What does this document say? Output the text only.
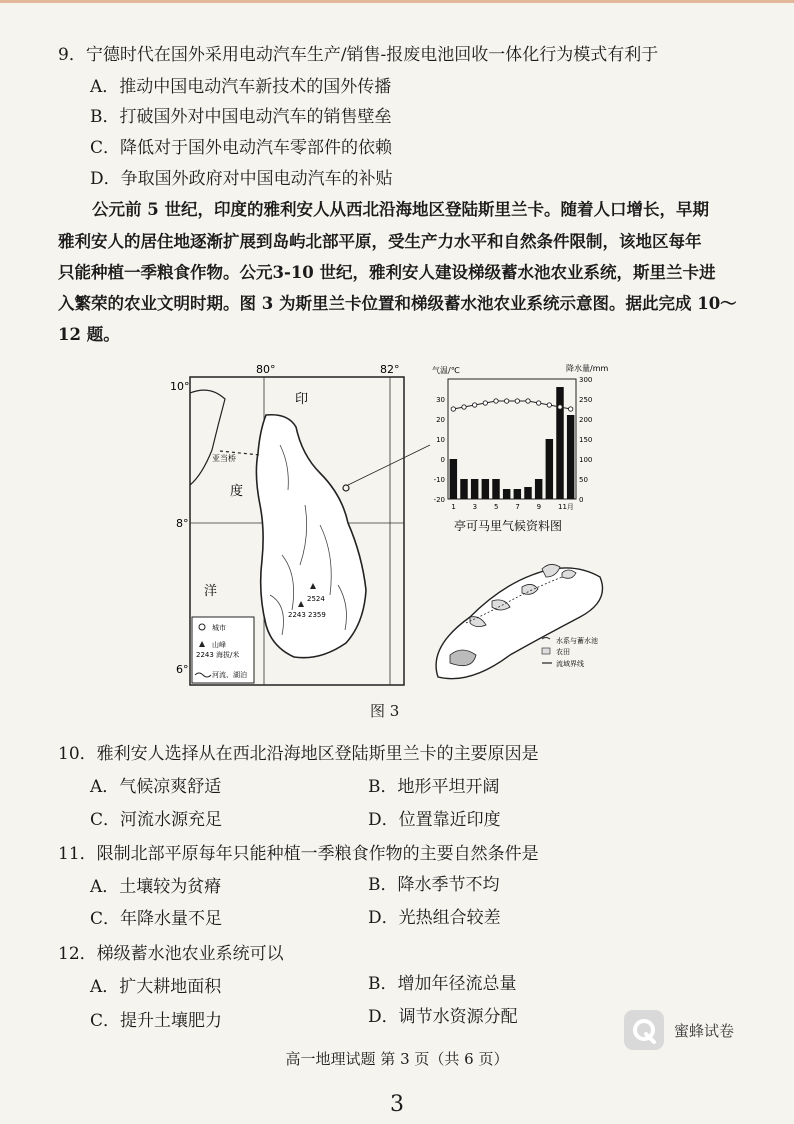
9．宁德时代在国外采用电动汽车生产/销售-报废电池回收一体化行为模式有利于
A．推动中国电动汽车新技术的国外传播
B．打破国外对中国电动汽车的销售壁垒
C．降低对于国外电动汽车零部件的依赖
D．争取国外政府对中国电动汽车的补贴
公元前 5 世纪，印度的雅利安人从西北沿海地区登陆斯里兰卡。随着人口增长，早期
雅利安人的居住地逐渐扩展到岛屿北部平原，受生产力水平和自然条件限制，该地区每年
只能种植一季粮食作物。公元3-10 世纪，雅利安人建设梯级蓄水池农业系统，斯里兰卡进
入繁荣的农业文明时期。图 3 为斯里兰卡位置和梯级蓄水池农业系统示意图。据此完成 10～
12 题。
80°	82°
10°
8°
6°
印
度
洋
亚当桥
2524
2243 2359
城市
山峰
2243 海拔/米
河流、湖泊
气温/℃	降水量/mm
30
20
10
0
-10
-20
300
250
200
150
100
50
0
1 3 5 7 9 11月
亭可马里气候资料图
水系与蓄水池
农田
流域界线
图 3
10．雅利安人选择从在西北沿海地区登陆斯里兰卡的主要原因是
A．气候凉爽舒适	B．地形平坦开阔
C．河流水源充足	D．位置靠近印度
11．限制北部平原每年只能种植一季粮食作物的主要自然条件是
A．土壤较为贫瘠	B．降水季节不均
C．年降水量不足	D．光热组合较差
12．梯级蓄水池农业系统可以
A．扩大耕地面积	B．增加年径流总量
C．提升土壤肥力	D．调节水资源分配
蜜蜂试卷
高一地理试题 第 3 页（共 6 页）
3
